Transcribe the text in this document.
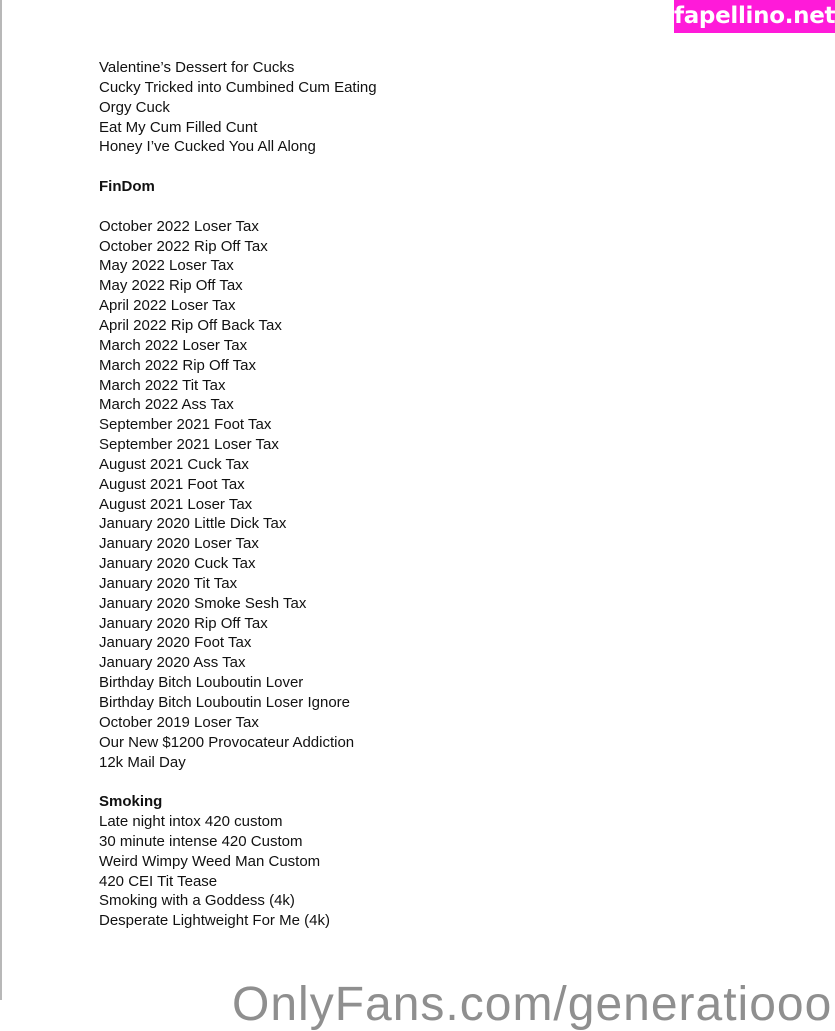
fapellino.net
Valentine’s Dessert for Cucks
Cucky Tricked into Cumbined Cum Eating
Orgy Cuck
Eat My Cum Filled Cunt
Honey I’ve Cucked You All Along
FinDom
October 2022 Loser Tax
October 2022 Rip Off Tax
May 2022 Loser Tax
May 2022 Rip Off Tax
April 2022 Loser Tax
April 2022 Rip Off Back Tax
March 2022 Loser Tax
March 2022 Rip Off Tax
March 2022 Tit Tax
March 2022 Ass Tax
September 2021 Foot Tax
September 2021 Loser Tax
August 2021 Cuck Tax
August 2021 Foot Tax
August 2021 Loser Tax
January 2020 Little Dick Tax
January 2020 Loser Tax
January 2020 Cuck Tax
January 2020 Tit Tax
January 2020 Smoke Sesh Tax
January 2020 Rip Off Tax
January 2020 Foot Tax
January 2020 Ass Tax
Birthday Bitch Louboutin Lover
Birthday Bitch Louboutin Loser Ignore
October 2019 Loser Tax
Our New $1200 Provocateur Addiction
12k Mail Day
Smoking
Late night intox 420 custom
30 minute intense 420 Custom
Weird Wimpy Weed Man Custom
420 CEI Tit Tease
Smoking with a Goddess (4k)
Desperate Lightweight For Me (4k)
OnlyFans.com/generatiooo
